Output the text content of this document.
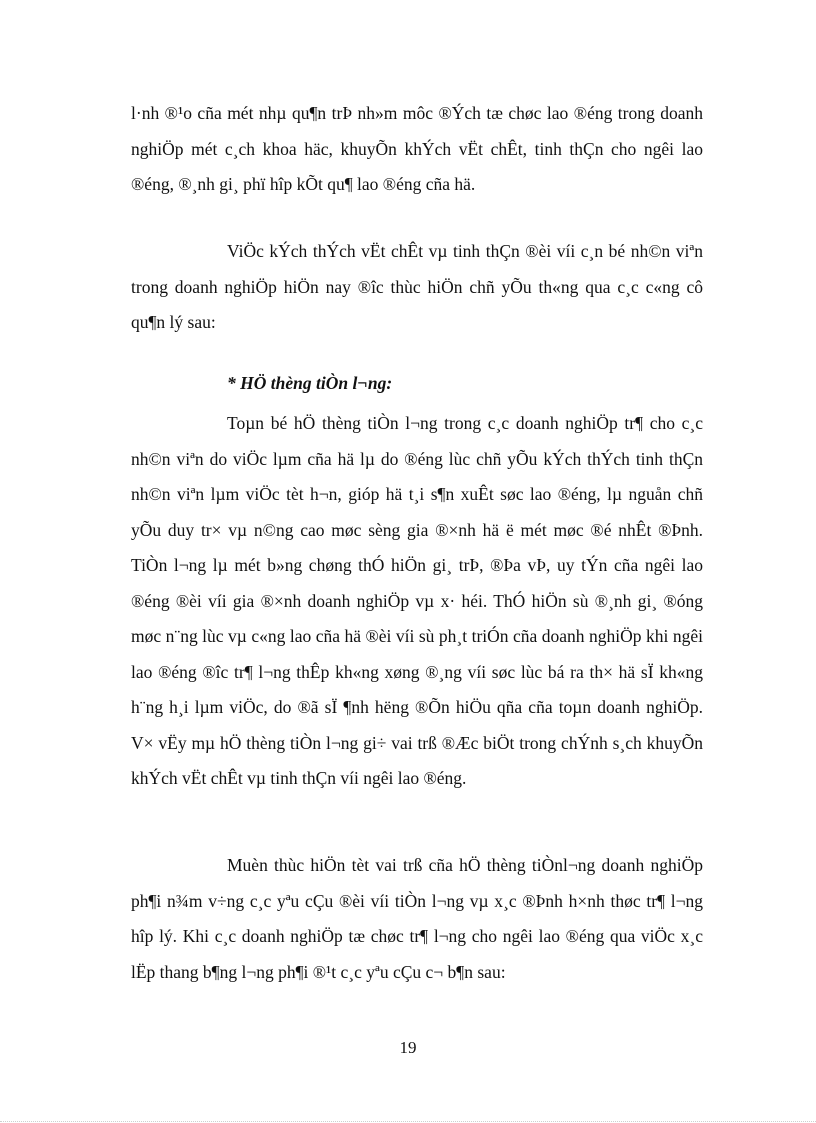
l·nh ®¹o cña mét nhµ qu¶n trÞ nh»m môc ®Ých tæ chøc lao ®éng trong doanh nghiÖp mét c¸ch khoa häc, khuyÕn khÝch vËt chÊt, tinh thÇn cho ngêi lao ®éng, ®¸nh gi¸ phï hîp kÕt qu¶ lao ®éng cña hä.

ViÖc kÝch thÝch vËt chÊt vµ tinh thÇn ®èi víi c¸n bé nh©n viªn trong doanh nghiÖp hiÖn nay ®îc thùc hiÖn chñ yÕu th«ng qua c¸c c«ng cô qu¶n lý sau:

* HÖ thèng tiÒn l¬ng:

Toµn bé hÖ thèng tiÒn l¬ng trong c¸c doanh nghiÖp tr¶ cho c¸c nh©n viªn do viÖc lµm cña hä lµ do ®éng lùc chñ yÕu kÝch thÝch tinh thÇn nh©n viªn lµm viÖc tèt h¬n, gióp hä t¸i s¶n xuÊt søc lao ®éng, lµ nguån chñ yÕu duy tr× vµ n©ng cao møc sèng gia ®×nh hä ë mét møc ®é nhÊt ®Þnh. TiÒn l¬ng lµ mét b»ng chøng thÓ hiÖn gi¸ trÞ, ®Þa vÞ, uy tÝn cña ngêi lao ®éng ®èi víi gia ®×nh doanh nghiÖp vµ x· héi. ThÓ hiÖn sù ®¸nh gi¸ ®óng møc n¨ng lùc vµ c«ng lao cña hä ®èi víi sù ph¸t triÓn cña doanh nghiÖp khi ngêi lao ®éng ®îc tr¶ l¬ng thÊp kh«ng xøng ®¸ng víi søc lùc bá ra th× hä sÏ kh«ng h¨ng h¸i lµm viÖc, do ®ã sÏ ¶nh hëng ®Õn hiÖu qña cña toµn doanh nghiÖp. V× vËy mµ hÖ thèng tiÒn l¬ng gi÷ vai trß ®Æc biÖt trong chÝnh s¸ch khuyÕn khÝch vËt chÊt vµ tinh thÇn víi ngêi lao ®éng.

Muèn thùc hiÖn tèt vai trß cña hÖ thèng tiÒnl¬ng doanh nghiÖp ph¶i n¾m v÷ng c¸c yªu cÇu ®èi víi tiÒn l¬ng vµ x¸c ®Þnh h×nh thøc tr¶ l¬ng hîp lý. Khi c¸c doanh nghiÖp tæ chøc tr¶ l¬ng cho ngêi lao ®éng qua viÖc x¸c lËp thang b¶ng l¬ng ph¶i ®¹t c¸c yªu cÇu c¬ b¶n sau:

19
